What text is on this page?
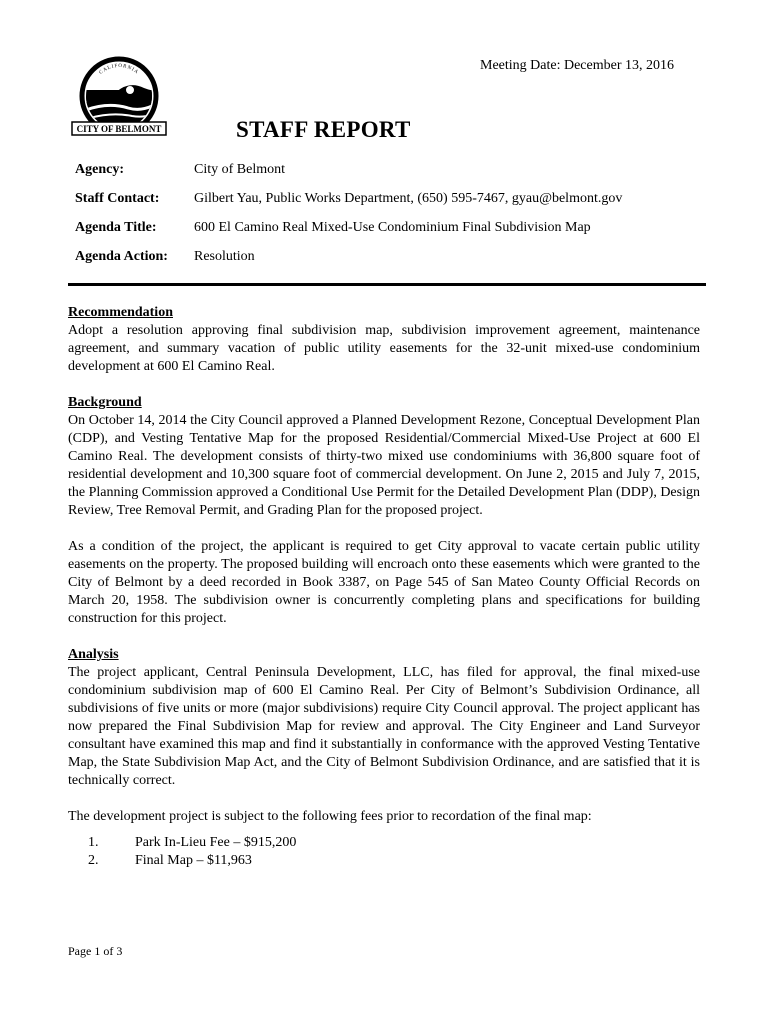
Meeting Date: December 13, 2016
CALIFORNIA
CITY OF BELMONT	STAFF REPORT
Agency:	City of Belmont
Staff Contact: Gilbert Yau, Public Works Department, (650) 595-7467, gyau@belmont.gov
Agenda Title:	600 El Camino Real Mixed-Use Condominium Final Subdivision Map
Agenda Action: Resolution
Recommendation

Adopt a resolution approving final subdivision map, subdivision improvement agreement, maintenance agreement, and summary vacation of public utility easements for the 32-unit mixed-use condominium development at 600 El Camino Real.

Background

On October 14, 2014 the City Council approved a Planned Development Rezone, Conceptual Development Plan (CDP), and Vesting Tentative Map for the proposed Residential/Commercial Mixed-Use Project at 600 El Camino Real. The development consists of thirty-two mixed use condominiums with 36,800 square foot of residential development and 10,300 square foot of commercial development. On June 2, 2015 and July 7, 2015, the Planning Commission approved a Conditional Use Permit for the Detailed Development Plan (DDP), Design Review, Tree Removal Permit, and Grading Plan for the proposed project.

As a condition of the project, the applicant is required to get City approval to vacate certain public utility easements on the property. The proposed building will encroach onto these easements which were granted to the City of Belmont by a deed recorded in Book 3387, on Page 545 of San Mateo County Official Records on March 20, 1958. The subdivision owner is concurrently completing plans and specifications for building construction for this project.

Analysis

The project applicant, Central Peninsula Development, LLC, has filed for approval, the final mixed-use condominium subdivision map of 600 El Camino Real. Per City of Belmont’s Subdivision Ordinance, all subdivisions of five units or more (major subdivisions) require City Council approval. The project applicant has now prepared the Final Subdivision Map for review and approval. The City Engineer and Land Surveyor consultant have examined this map and find it substantially in conformance with the approved Vesting Tentative Map, the State Subdivision Map Act, and the City of Belmont Subdivision Ordinance, and are satisfied that it is technically correct.

The development project is subject to the following fees prior to recordation of the final map:

1.	Park In-Lieu Fee – $915,200
2.	Final Map – $11,963
Page 1 of 3
